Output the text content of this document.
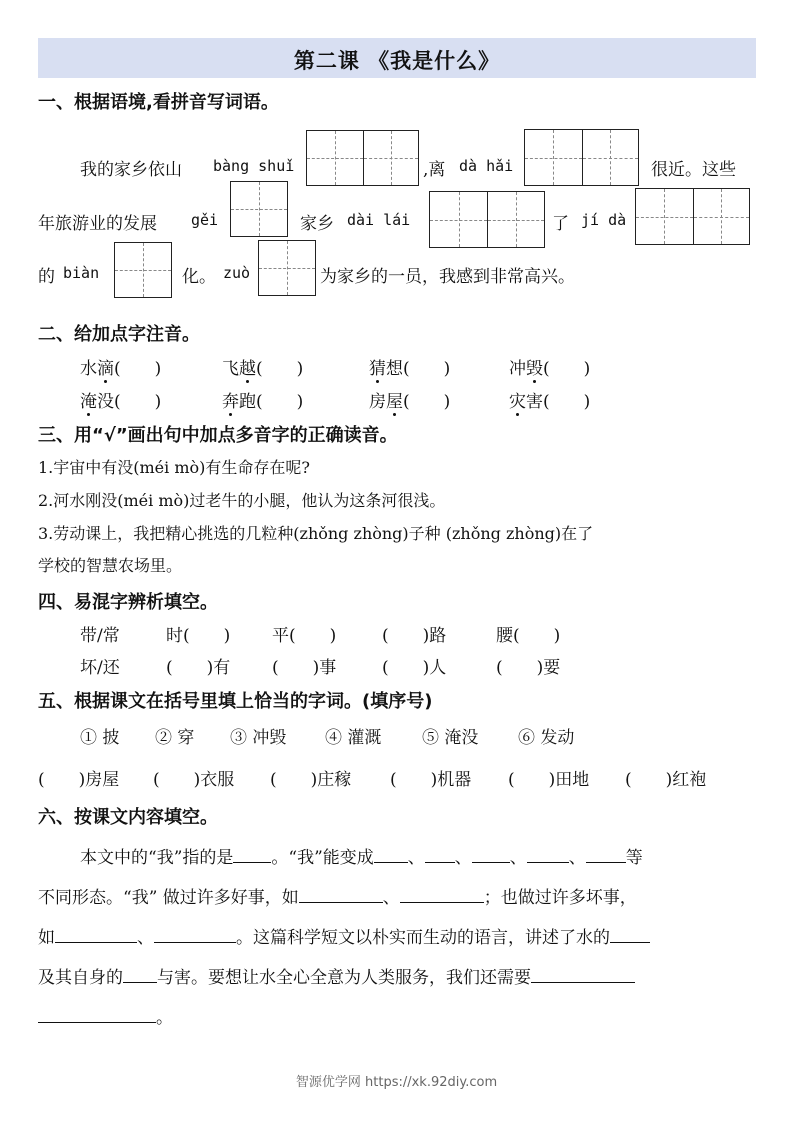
第二课 《我是什么》
一、根据语境,看拼音写词语。
我的家乡依山 bàng shuǐ	,离 dà hǎi	很近。这些
年旅游业的发展 gěi	家乡 dài lái	了 jí dà
的 biàn	化。 zuò	为家乡的一员，我感到非常高兴。
二、给加点字注音。
水滴(　　)	飞越(　　)	猜想(　　)	冲毁(　　)
淹没(　　)	奔跑(　　)	房屋(　　)	灾害(　　)
三、用“√”画出句中加点多音字的正确读音。
1.宇宙中有没(méi mò)有生命存在呢?
2.河水刚没(méi mò)过老牛的小腿，他认为这条河很浅。
3.劳动课上，我把精心挑选的几粒种(zhǒng zhòng)子种 (zhǒng zhòng)在了
学校的智慧农场里。
四、易混字辨析填空。
带/常	时(　　) 平(　　)	(　　)路	腰(　　)
坏/还	(　　)有 (　　)事	(　　)人	(　　)要
五、根据课文在括号里填上恰当的字词。(填序号)
① 披 ② 穿 ③ 冲毁 ④ 灌溉 ⑤ 淹没 ⑥ 发动
(　　)房屋 (　　)衣服 (　　)庄稼 (　　)机器 (　　)田地 (　　)红袍
六、按课文内容填空。
本文中的“我”指的是 。“我”能变成 、 、 、 、 等
不同形态。“我” 做过许多好事，如	、	；也做过许多坏事，
如	、	。这篇科学短文以朴实而生动的语言，讲述了水的
及其自身的 与害。要想让水全心全意为人类服务，我们还需要
。
智源优学网 https://xk.92diy.com
